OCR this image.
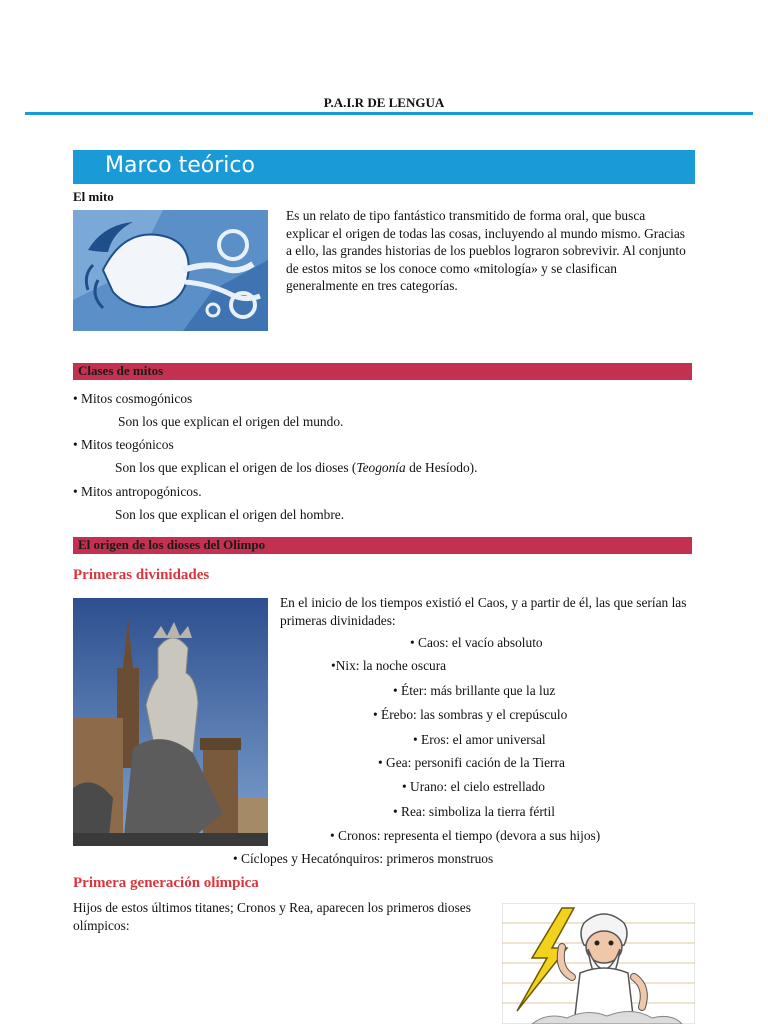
P.A.I.R DE LENGUA
Marco teórico
El mito
Es un relato de tipo fantástico transmitido de forma oral, que busca explicar el origen de todas las cosas, incluyendo al mundo mismo. Gracias a ello, las grandes historias de los pueblos lograron sobrevivir. Al conjunto de estos mitos se los conoce como «mitología» y se clasifican generalmente en tres categorías.
Clases de mitos
• Mitos cosmogónicos
Son los que explican el origen del mundo.
• Mitos teogónicos
Son los que explican el origen de los dioses (Teogonía de Hesíodo).
• Mitos antropogónicos.
Son los que explican el origen del hombre.
El origen de los dioses del Olimpo
Primeras divinidades
En el inicio de los tiempos existió el Caos, y a partir de él, las que serían las primeras divinidades:
• Caos: el vacío absoluto
•Nix: la noche oscura
• Éter: más brillante que la luz
• Érebo: las sombras y el crepúsculo
• Eros: el amor universal
• Gea: personifi cación de la Tierra
• Urano: el cielo estrellado
• Rea: simboliza la tierra fértil
• Cronos: representa el tiempo (devora a sus hijos)
• Cíclopes y Hecatónquiros: primeros monstruos
Primera generación olímpica
Hijos de estos últimos titanes; Cronos y Rea, aparecen los primeros dioses olímpicos:
